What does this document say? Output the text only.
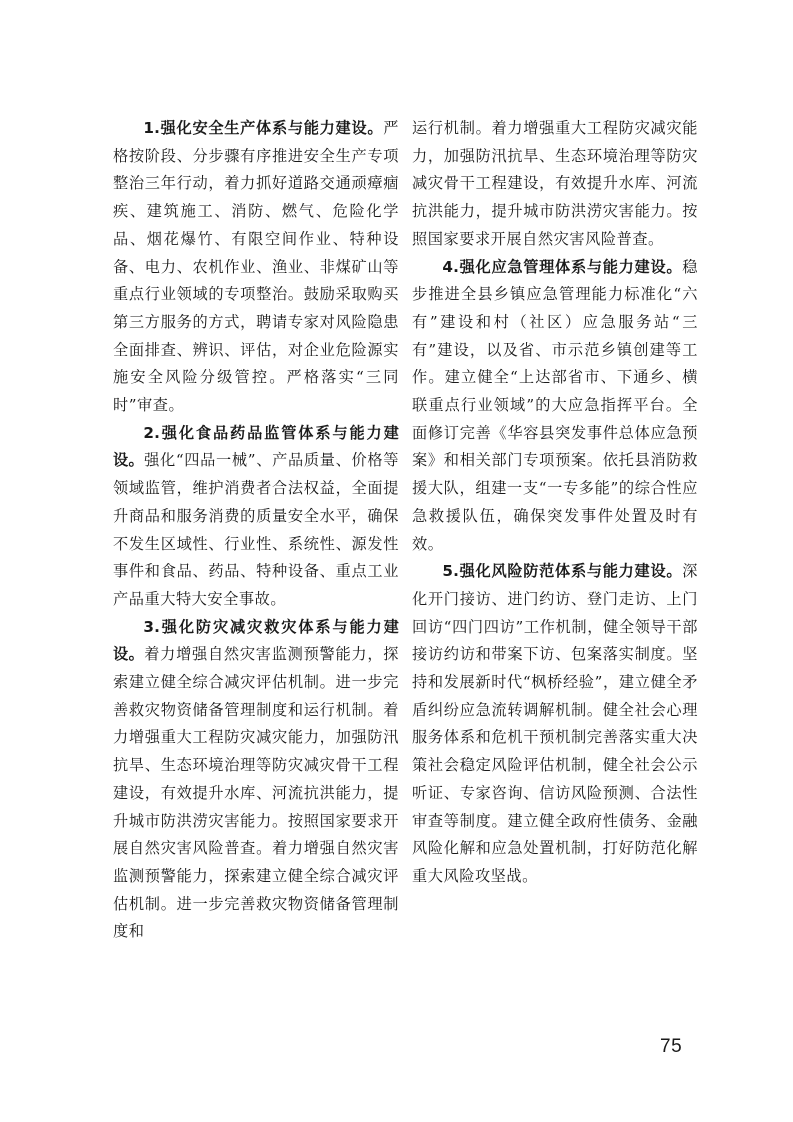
1.强化安全生产体系与能力建设。严格按阶段、分步骤有序推进安全生产专项整治三年行动，着力抓好道路交通顽瘴痼疾、建筑施工、消防、燃气、危险化学品、烟花爆竹、有限空间作业、特种设备、电力、农机作业、渔业、非煤矿山等重点行业领域的专项整治。鼓励采取购买第三方服务的方式，聘请专家对风险隐患全面排查、辨识、评估，对企业危险源实施安全风险分级管控。严格落实“三同时”审查。

2.强化食品药品监管体系与能力建设。强化“四品一械”、产品质量、价格等领域监管，维护消费者合法权益，全面提升商品和服务消费的质量安全水平，确保不发生区域性、行业性、系统性、源发性事件和食品、药品、特种设备、重点工业产品重大特大安全事故。

3.强化防灾减灾救灾体系与能力建设。着力增强自然灾害监测预警能力，探索建立健全综合减灾评估机制。进一步完善救灾物资储备管理制度和运行机制。着力增强重大工程防灾减灾能力，加强防汛抗旱、生态环境治理等防灾减灾骨干工程建设，有效提升水库、河流抗洪能力，提升城市防洪涝灾害能力。按照国家要求开展自然灾害风险普查。着力增强自然灾害监测预警能力，探索建立健全综合减灾评估机制。进一步完善救灾物资储备管理制度和

运行机制。着力增强重大工程防灾减灾能力，加强防汛抗旱、生态环境治理等防灾减灾骨干工程建设，有效提升水库、河流抗洪能力，提升城市防洪涝灾害能力。按照国家要求开展自然灾害风险普查。

4.强化应急管理体系与能力建设。稳步推进全县乡镇应急管理能力标准化“六有”建设和村（社区）应急服务站“三有”建设，以及省、市示范乡镇创建等工作。建立健全“上达部省市、下通乡、横联重点行业领域”的大应急指挥平台。全面修订完善《华容县突发事件总体应急预案》和相关部门专项预案。依托县消防救援大队，组建一支“一专多能”的综合性应急救援队伍，确保突发事件处置及时有效。

5.强化风险防范体系与能力建设。深化开门接访、进门约访、登门走访、上门回访“四门四访”工作机制，健全领导干部接访约访和带案下访、包案落实制度。坚持和发展新时代“枫桥经验”，建立健全矛盾纠纷应急流转调解机制。健全社会心理服务体系和危机干预机制完善落实重大决策社会稳定风险评估机制，健全社会公示听证、专家咨询、信访风险预测、合法性审查等制度。建立健全政府性债务、金融风险化解和应急处置机制，打好防范化解重大风险攻坚战。

75
